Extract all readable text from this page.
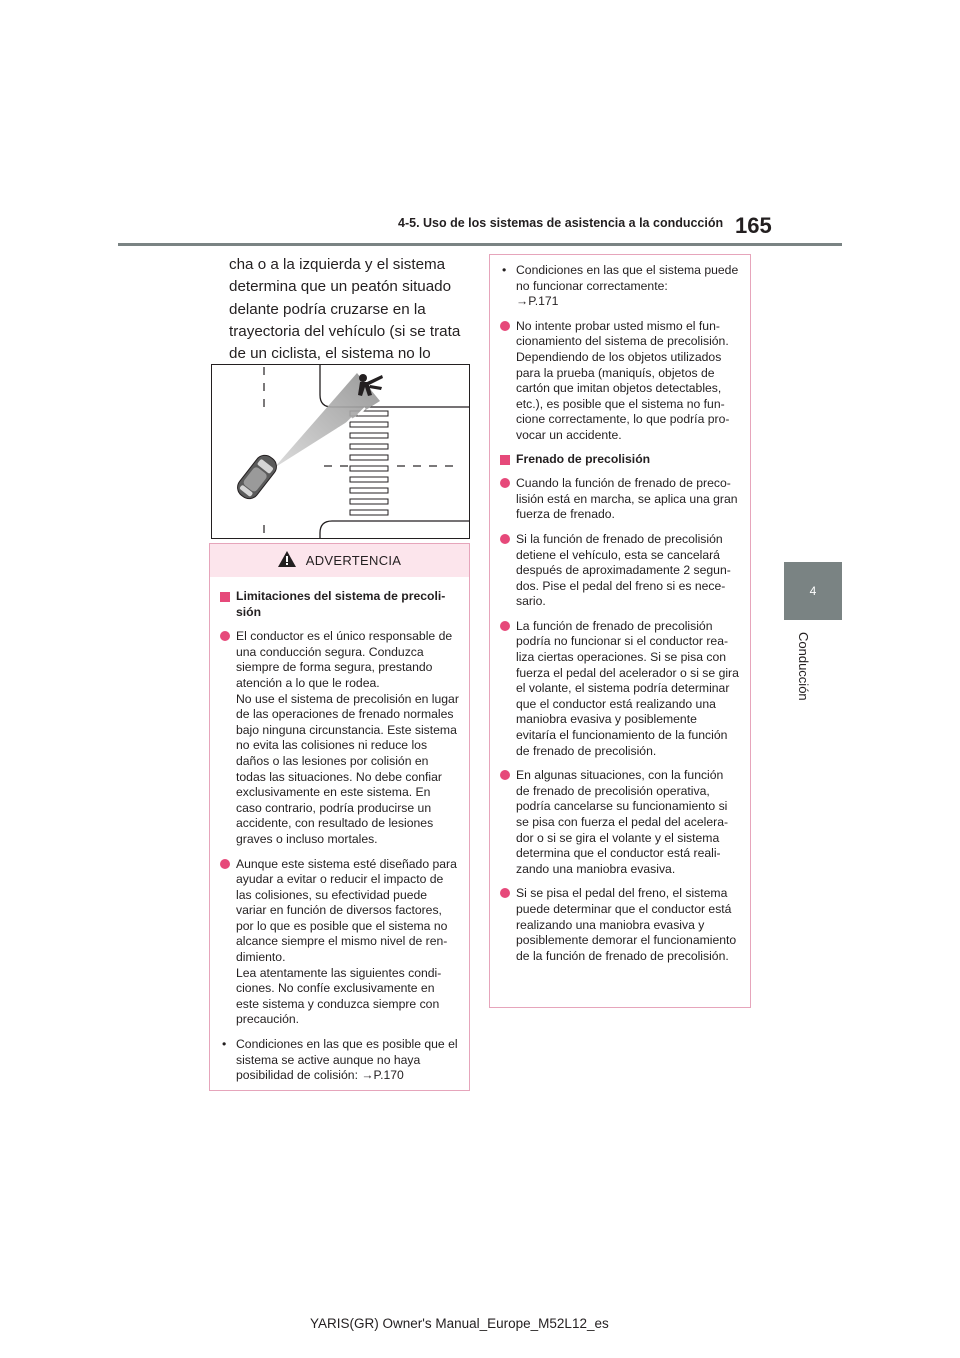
4-5. Uso de los sistemas de asistencia a la conducción 165
4
Conducción
cha o a la izquierda y el sistema determina que un peatón situado delante podría cruzarse en la trayectoria del vehículo (si se trata de un ciclista, el sistema no lo
ADVERTENCIA
Limitaciones del sistema de precolisión
El conductor es el único responsable de una conducción segura. Conduzca siempre de forma segura, prestando atención a lo que le rodea.
No use el sistema de precolisión en lugar de las operaciones de frenado normales bajo ninguna circunstancia. Este sistema no evita las colisiones ni reduce los daños o las lesiones por colisión en todas las situaciones. No debe confiar exclusivamente en este sistema. En caso contrario, podría producirse un accidente, con resultado de lesiones graves o incluso mortales.
Aunque este sistema esté diseñado para ayudar a evitar o reducir el impacto de las colisiones, su efectividad puede variar en función de diversos factores, por lo que es posible que el sistema no alcance siempre el mismo nivel de rendimiento.
Lea atentamente las siguientes condiciones. No confíe exclusivamente en este sistema y conduzca siempre con precaución.
• Condiciones en las que es posible que el sistema se active aunque no haya posibilidad de colisión: →P.170
• Condiciones en las que el sistema puede no funcionar correctamente:
→P.171
No intente probar usted mismo el funcionamiento del sistema de precolisión. Dependiendo de los objetos utilizados para la prueba (maniquís, objetos de cartón que imitan objetos detectables, etc.), es posible que el sistema no funcione correctamente, lo que podría provocar un accidente.
Frenado de precolisión
Cuando la función de frenado de precolisión está en marcha, se aplica una gran fuerza de frenado.
Si la función de frenado de precolisión detiene el vehículo, esta se cancelará después de aproximadamente 2 segundos. Pise el pedal del freno si es necesario.
La función de frenado de precolisión podría no funcionar si el conductor realiza ciertas operaciones. Si se pisa con fuerza el pedal del acelerador o si se gira el volante, el sistema podría determinar que el conductor está realizando una maniobra evasiva y posiblemente evitaría el funcionamiento de la función de frenado de precolisión.
En algunas situaciones, con la función de frenado de precolisión operativa, podría cancelarse su funcionamiento si se pisa con fuerza el pedal del acelerador o si se gira el volante y el sistema determina que el conductor está realizando una maniobra evasiva.
Si se pisa el pedal del freno, el sistema puede determinar que el conductor está realizando una maniobra evasiva y posiblemente demorar el funcionamiento de la función de frenado de precolisión.
YARIS(GR) Owner's Manual_Europe_M52L12_es
